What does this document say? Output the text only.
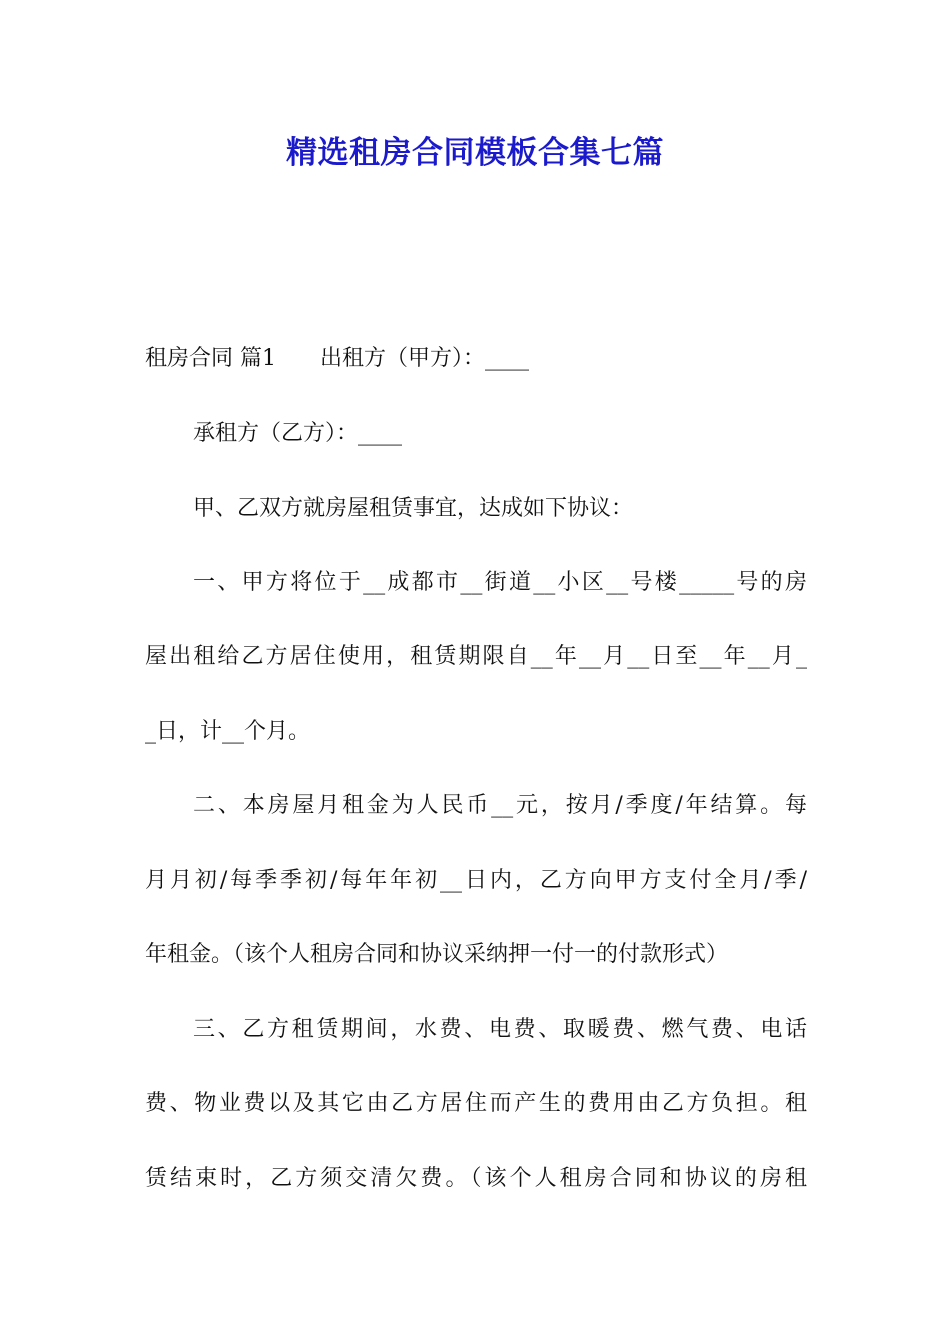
精选租房合同模板合集七篇
租房合同 篇1 出租方（甲方）：____
承租方（乙方）：____
甲、乙双方就房屋租赁事宜，达成如下协议：
一、甲方将位于__成都市__街道__小区__号楼_____号的房
屋出租给乙方居住使用，租赁期限自__年__月__日至__年__月_
_日，计__个月。
二、本房屋月租金为人民币__元，按月/季度/年结算。每
月月初/每季季初/每年年初__日内，乙方向甲方支付全月/季/
年租金。（该个人租房合同和协议采纳押一付一的付款形式）
三、乙方租赁期间，水费、电费、取暖费、燃气费、电话
费、物业费以及其它由乙方居住而产生的费用由乙方负担。租
赁结束时，乙方须交清欠费。（该个人租房合同和协议的房租
